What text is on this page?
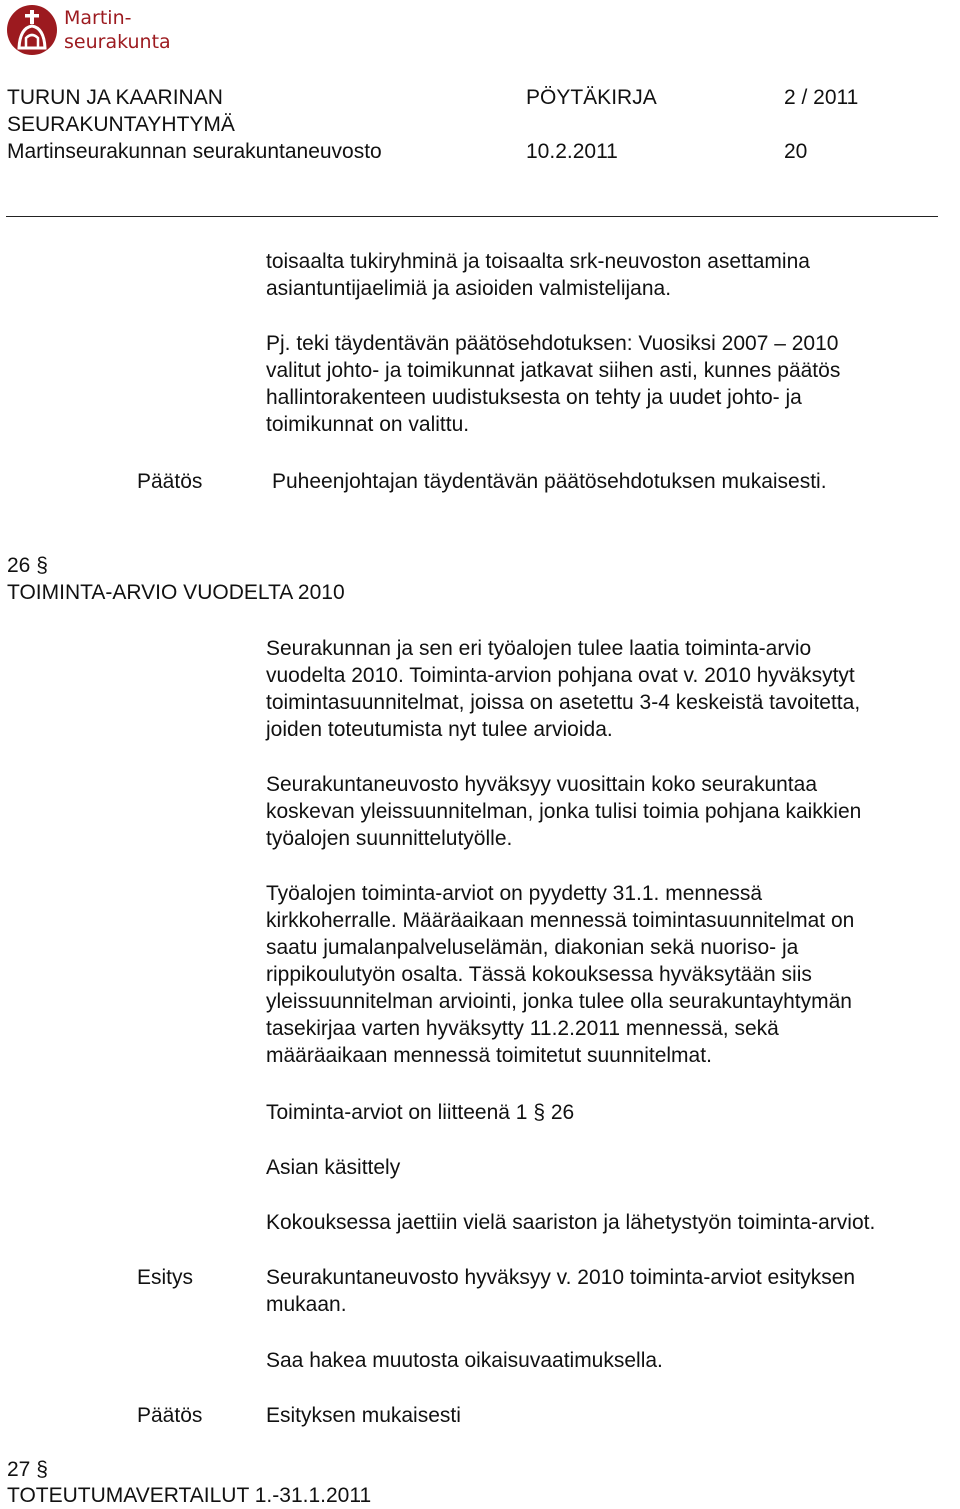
Martin-
seurakunta
TURUN JA KAARINAN
SEURAKUNTAYHTYMÄ
Martinseurakunnan seurakuntaneuvosto
PÖYTÄKIRJA	2 / 2011
10.2.2011	20
toisaalta tukiryhminä ja toisaalta srk-neuvoston asettamina
asiantuntijaelimiä ja asioiden valmistelijana.
Pj. teki täydentävän päätösehdotuksen: Vuosiksi 2007 – 2010
valitut johto- ja toimikunnat jatkavat siihen asti, kunnes päätös
hallintorakenteen uudistuksesta on tehty ja uudet johto- ja
toimikunnat on valittu.
Päätös	Puheenjohtajan täydentävän päätösehdotuksen mukaisesti.
26 §
TOIMINTA-ARVIO VUODELTA 2010
Seurakunnan ja sen eri työalojen tulee laatia toiminta-arvio
vuodelta 2010. Toiminta-arvion pohjana ovat v. 2010 hyväksytyt
toimintasuunnitelmat, joissa on asetettu 3-4 keskeistä tavoitetta,
joiden toteutumista nyt tulee arvioida.
Seurakuntaneuvosto hyväksyy vuosittain koko seurakuntaa
koskevan yleissuunnitelman, jonka tulisi toimia pohjana kaikkien
työalojen suunnittelutyölle.
Työalojen toiminta-arviot on pyydetty 31.1. mennessä
kirkkoherralle. Määräaikaan mennessä toimintasuunnitelmat on
saatu jumalanpalveluselämän, diakonian sekä nuoriso- ja
rippikoulutyön osalta. Tässä kokouksessa hyväksytään siis
yleissuunnitelman arviointi, jonka tulee olla seurakuntayhtymän
tasekirjaa varten hyväksytty 11.2.2011 mennessä, sekä
määräaikaan mennessä toimitetut suunnitelmat.
Toiminta-arviot on liitteenä 1 § 26
Asian käsittely
Kokouksessa jaettiin vielä saariston ja lähetystyön toiminta-arviot.
Esitys	Seurakuntaneuvosto hyväksyy v. 2010 toiminta-arviot esityksen
mukaan.
Saa hakea muutosta oikaisuvaatimuksella.
Päätös	Esityksen mukaisesti
27 §
TOTEUTUMAVERTAILUT 1.-31.1.2011
